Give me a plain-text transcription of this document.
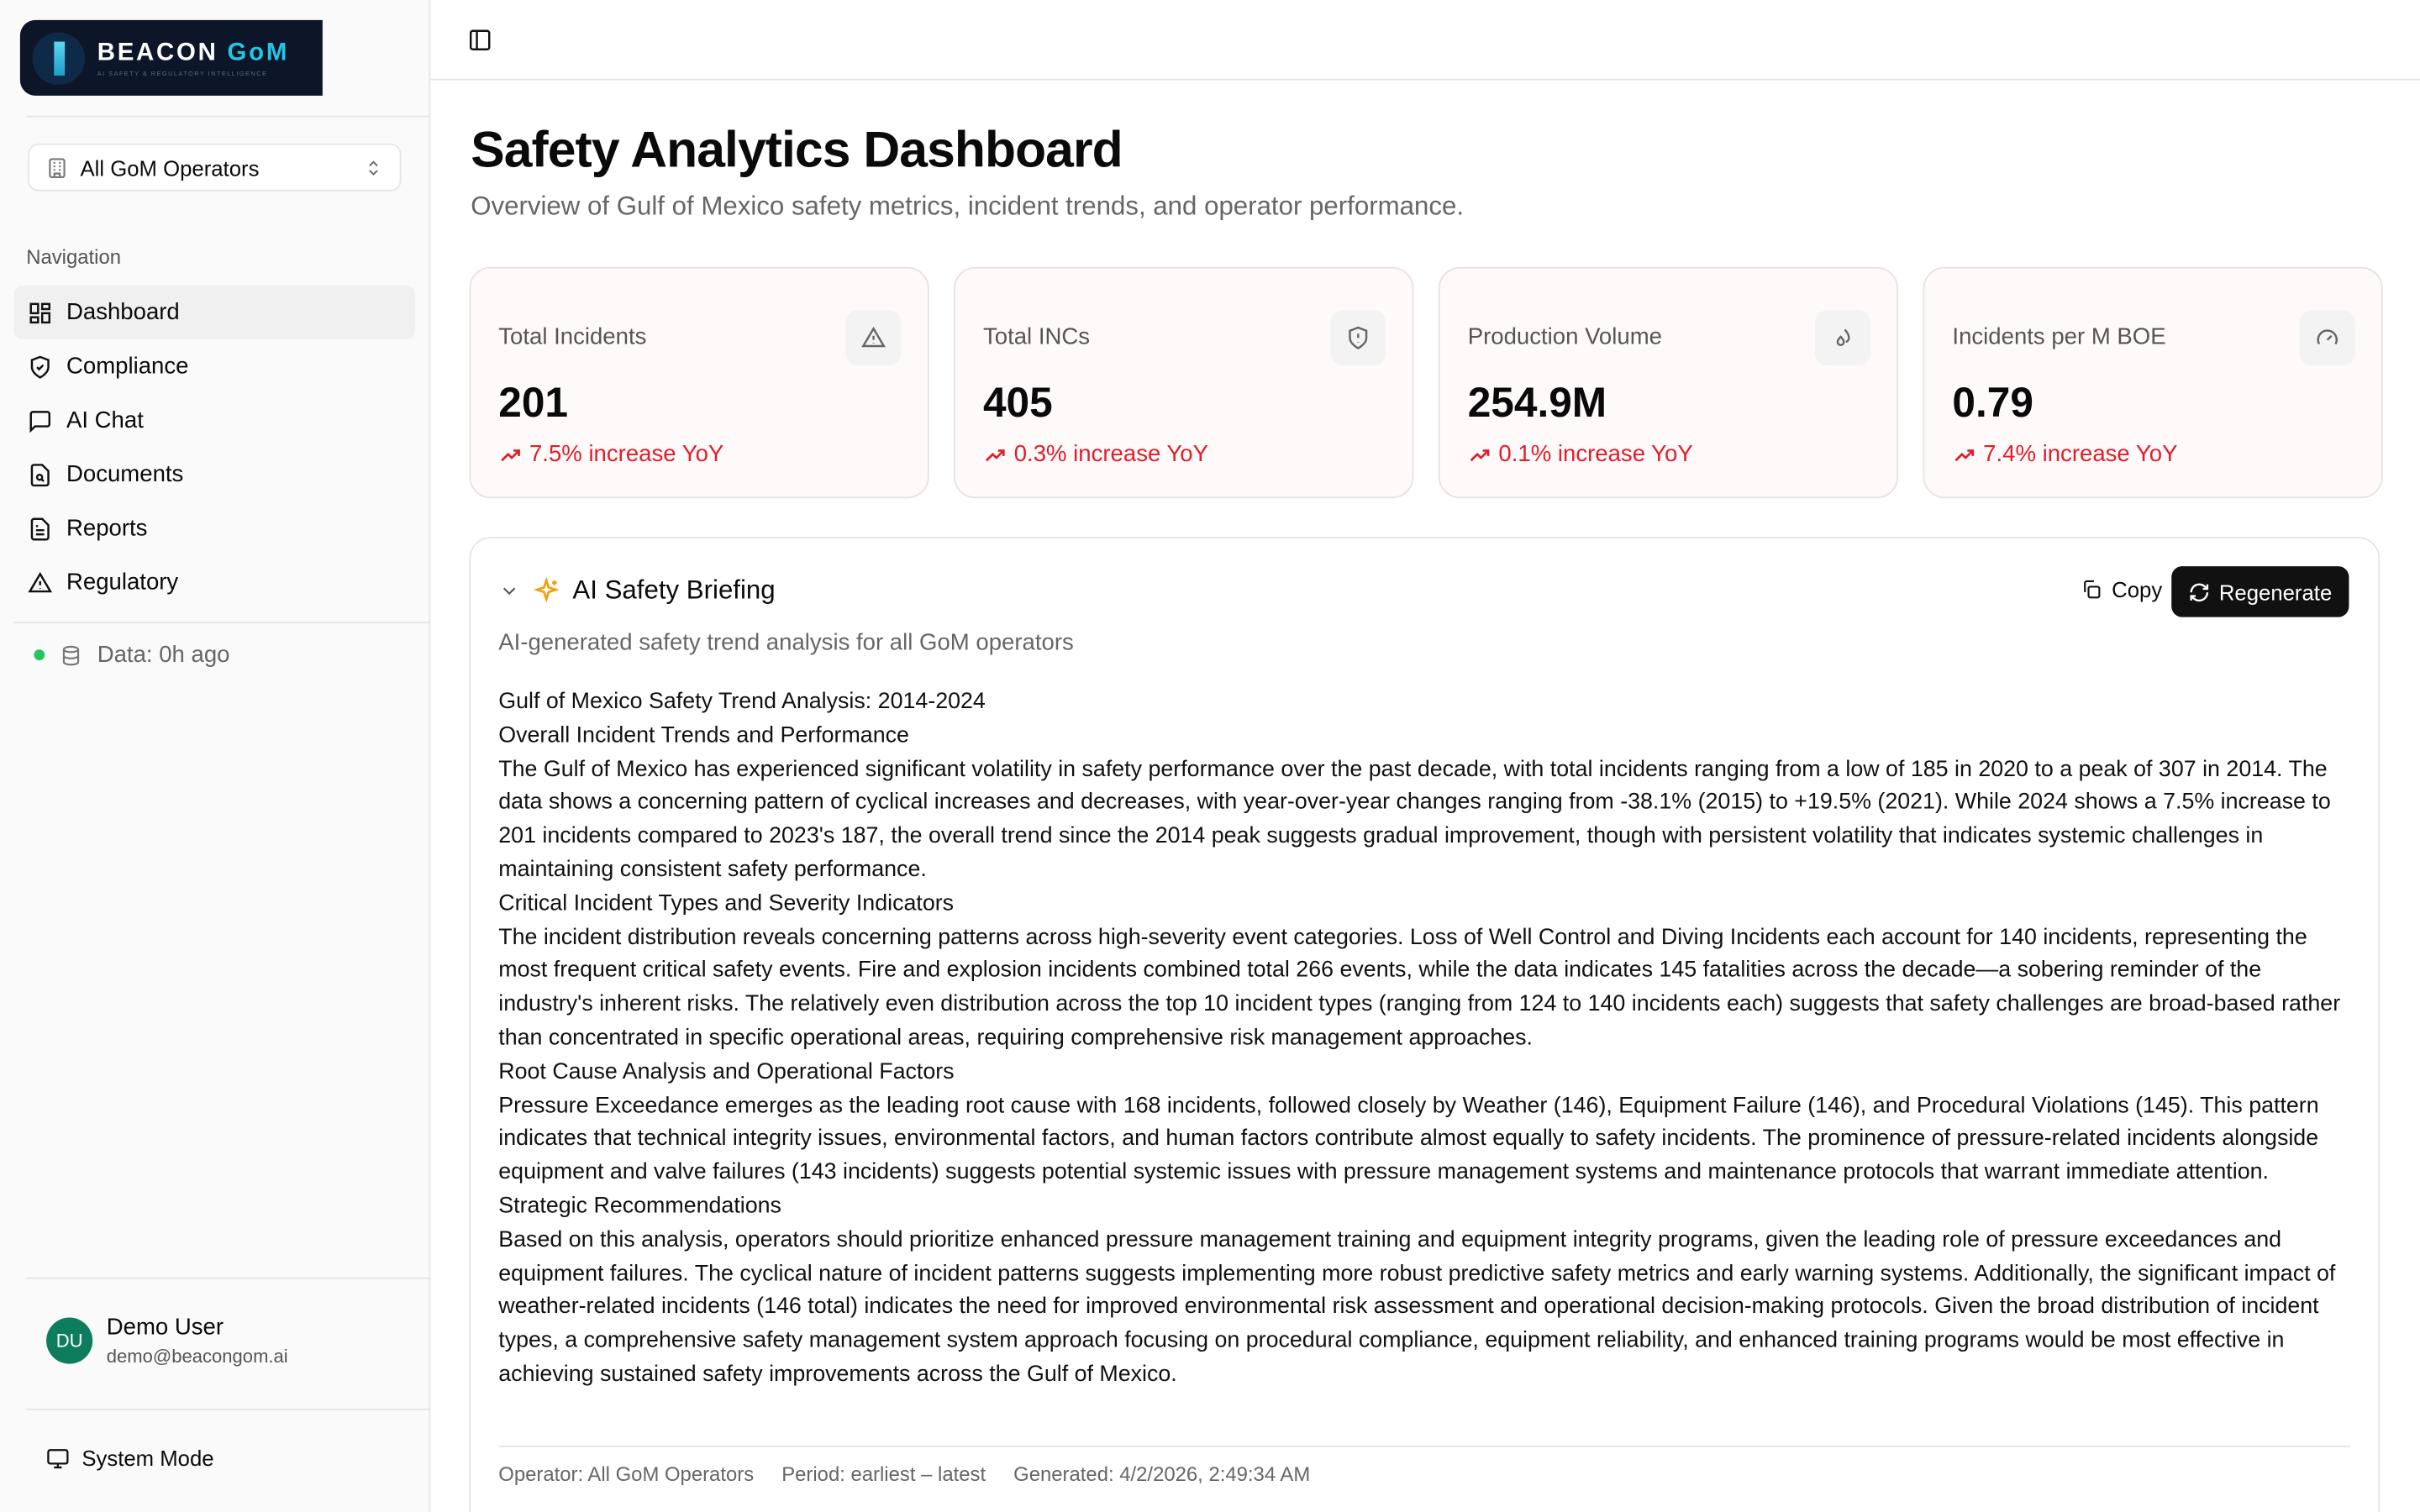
BEACON GoM
AI SAFETY & REGULATORY INTELLIGENCE
All GoM Operators
Navigation
Dashboard
Compliance
AI Chat
Documents
Reports
Regulatory
Data: 0h ago
DU	Demo User
demo@beacongom.ai
System Mode
Safety Analytics Dashboard
Overview of Gulf of Mexico safety metrics, incident trends, and operator performance.
Total Incidents
201
7.5% increase YoY
Total INCs
405
0.3% increase YoY
Production Volume
254.9M
0.1% increase YoY
Incidents per M BOE
0.79
7.4% increase YoY
AI Safety Briefing	Copy	Regenerate
AI-generated safety trend analysis for all GoM operators

Gulf of Mexico Safety Trend Analysis: 2014-2024

Overall Incident Trends and Performance

The Gulf of Mexico has experienced significant volatility in safety performance over the past decade, with total incidents ranging from a low of 185 in 2020 to a peak of 307 in 2014. The data shows a concerning pattern of cyclical increases and decreases, with year-over-year changes ranging from -38.1% (2015) to +19.5% (2021). While 2024 shows a 7.5% increase to 201 incidents compared to 2023's 187, the overall trend since the 2014 peak suggests gradual improvement, though with persistent volatility that indicates systemic challenges in maintaining consistent safety performance.

Critical Incident Types and Severity Indicators

The incident distribution reveals concerning patterns across high-severity event categories. Loss of Well Control and Diving Incidents each account for 140 incidents, representing the most frequent critical safety events. Fire and explosion incidents combined total 266 events, while the data indicates 145 fatalities across the decade—a sobering reminder of the industry's inherent risks. The relatively even distribution across the top 10 incident types (ranging from 124 to 140 incidents each) suggests that safety challenges are broad-based rather than concentrated in specific operational areas, requiring comprehensive risk management approaches.

Root Cause Analysis and Operational Factors

Pressure Exceedance emerges as the leading root cause with 168 incidents, followed closely by Weather (146), Equipment Failure (146), and Procedural Violations (145). This pattern indicates that technical integrity issues, environmental factors, and human factors contribute almost equally to safety incidents. The prominence of pressure-related incidents alongside equipment and valve failures (143 incidents) suggests potential systemic issues with pressure management systems and maintenance protocols that warrant immediate attention.

Strategic Recommendations

Based on this analysis, operators should prioritize enhanced pressure management training and equipment integrity programs, given the leading role of pressure exceedances and equipment failures. The cyclical nature of incident patterns suggests implementing more robust predictive safety metrics and early warning systems. Additionally, the significant impact of weather-related incidents (146 total) indicates the need for improved environmental risk assessment and operational decision-making protocols. Given the broad distribution of incident types, a comprehensive safety management system approach focusing on procedural compliance, equipment reliability, and enhanced training programs would be most effective in achieving sustained safety improvements across the Gulf of Mexico.

Operator: All GoM Operators	Period: earliest – latest	Generated: 4/2/2026, 2:49:34 AM
